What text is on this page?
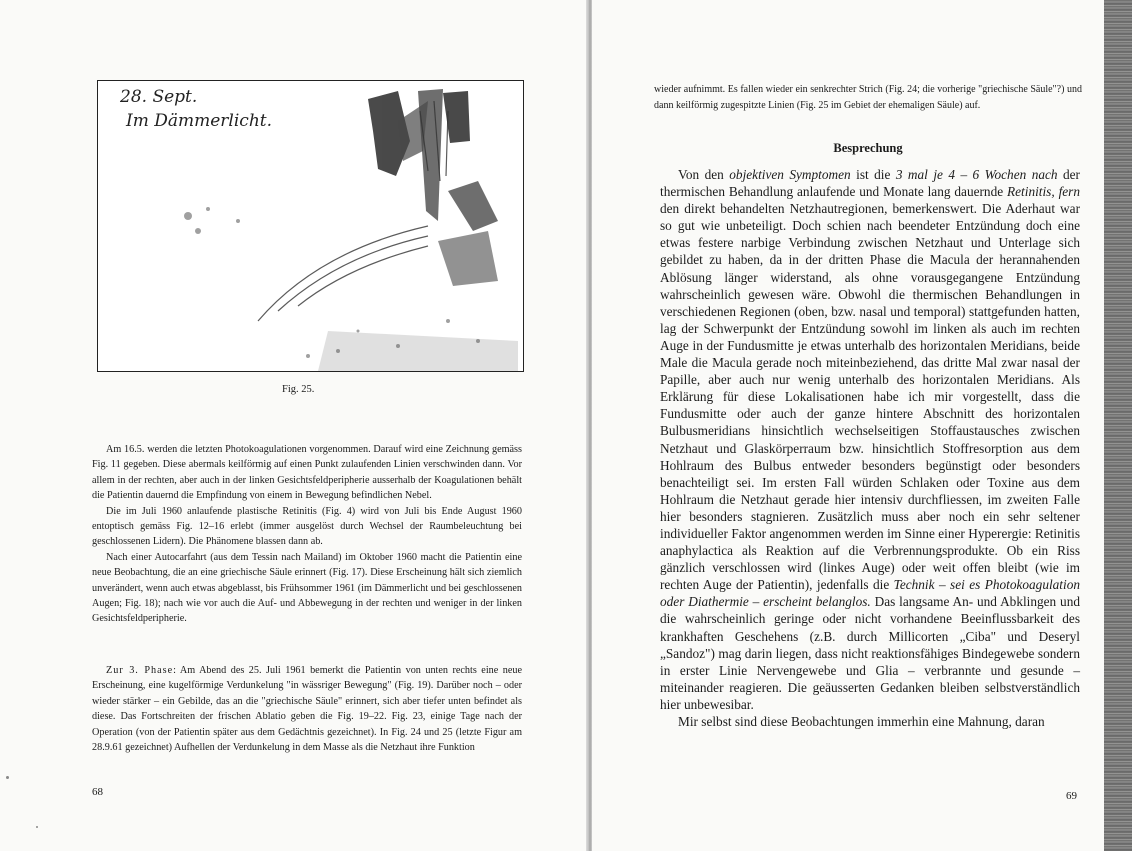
28. Sept.
Im Dämmerlicht.
Fig. 25.

Am 16.5. werden die letzten Photokoagulationen vorgenommen. Darauf wird eine Zeichnung gemäss Fig. 11 gegeben. Diese abermals keilförmig auf einen Punkt zulaufenden Linien verschwinden dann. Vor allem in der rechten, aber auch in der linken Gesichtsfeldperipherie ausserhalb der Koagulationen behält die Patientin dauernd die Empfindung von einem in Bewegung befindlichen Nebel.

Die im Juli 1960 anlaufende plastische Retinitis (Fig. 4) wird von Juli bis Ende August 1960 entoptisch gemäss Fig. 12–16 erlebt (immer ausgelöst durch Wechsel der Raumbeleuchtung bei geschlossenen Lidern). Die Phänomene blassen dann ab.

Nach einer Autocarfahrt (aus dem Tessin nach Mailand) im Oktober 1960 macht die Patientin eine neue Beobachtung, die an eine griechische Säule erinnert (Fig. 17). Diese Erscheinung hält sich ziemlich unverändert, wenn auch etwas abgeblasst, bis Frühsommer 1961 (im Dämmerlicht und bei geschlossenen Augen; Fig. 18); nach wie vor auch die Auf- und Abbewegung in der rechten und weniger in der linken Gesichtsfeldperipherie.

Zur 3. Phase: Am Abend des 25. Juli 1961 bemerkt die Patientin von unten rechts eine neue Erscheinung, eine kugelförmige Verdunkelung "in wässriger Bewegung" (Fig. 19). Darüber noch – oder wieder stärker – ein Gebilde, das an die "griechische Säule" erinnert, sich aber tiefer unten befindet als diese. Das Fortschreiten der frischen Ablatio geben die Fig. 19–22. Fig. 23, einige Tage nach der Operation (von der Patientin später aus dem Gedächtnis gezeichnet). In Fig. 24 und 25 (letzte Figur am 28.9.61 gezeichnet) Aufhellen der Verdunkelung in dem Masse als die Netzhaut ihre Funktion

68

wieder aufnimmt. Es fallen wieder ein senkrechter Strich (Fig. 24; die vorherige "griechische Säule"?) und dann keilförmig zugespitzte Linien (Fig. 25 im Gebiet der ehemaligen Säule) auf.

Besprechung

Von den objektiven Symptomen ist die 3 mal je 4 – 6 Wochen nach der thermischen Behandlung anlaufende und Monate lang dauernde Retinitis, fern den direkt behandelten Netzhautregionen, bemerkenswert. Die Aderhaut war so gut wie unbeteiligt. Doch schien nach beendeter Entzündung doch eine etwas festere narbige Verbindung zwischen Netzhaut und Unterlage sich gebildet zu haben, da in der dritten Phase die Macula der herannahenden Ablösung länger widerstand, als ohne vorausgegangene Entzündung wahrscheinlich gewesen wäre. Obwohl die thermischen Behandlungen in verschiedenen Regionen (oben, bzw. nasal und temporal) stattgefunden hatten, lag der Schwerpunkt der Entzündung sowohl im linken als auch im rechten Auge in der Fundusmitte je etwas unterhalb des horizontalen Meridians, beide Male die Macula gerade noch miteinbeziehend, das dritte Mal zwar nasal der Papille, aber auch nur wenig unterhalb des horizontalen Meridians. Als Erklärung für diese Lokalisationen habe ich mir vorgestellt, dass die Fundusmitte oder auch der ganze hintere Abschnitt des horizontalen Bulbusmeridians hinsichtlich wechselseitigen Stoffaustausches zwischen Netzhaut und Glaskörperraum bzw. hinsichtlich Stoffresorption aus dem Hohlraum des Bulbus entweder besonders begünstigt oder besonders benachteiligt sei. Im ersten Fall würden Schlaken oder Toxine aus dem Hohlraum die Netzhaut gerade hier intensiv durchfliessen, im zweiten Falle hier besonders stagnieren. Zusätzlich muss aber noch ein sehr seltener individueller Faktor angenommen werden im Sinne einer Hyperergie: Retinitis anaphylactica als Reaktion auf die Verbrennungsprodukte. Ob ein Riss gänzlich verschlossen wird (linkes Auge) oder weit offen bleibt (wie im rechten Auge der Patientin), jedenfalls die Technik – sei es Photokoagulation oder Diathermie – erscheint belanglos. Das langsame An- und Abklingen und die wahrscheinlich geringe oder nicht vorhandene Beeinflussbarkeit des krankhaften Geschehens (z.B. durch Millicorten „Ciba" und Deseryl „Sandoz") mag darin liegen, dass nicht reaktionsfähiges Bindegewebe sondern in erster Linie Nervengewebe und Glia – verbrannte und gesunde – miteinander reagieren. Die geäusserten Gedanken bleiben selbstverständlich hier unbewesibar.

Mir selbst sind diese Beobachtungen immerhin eine Mahnung, daran

69
